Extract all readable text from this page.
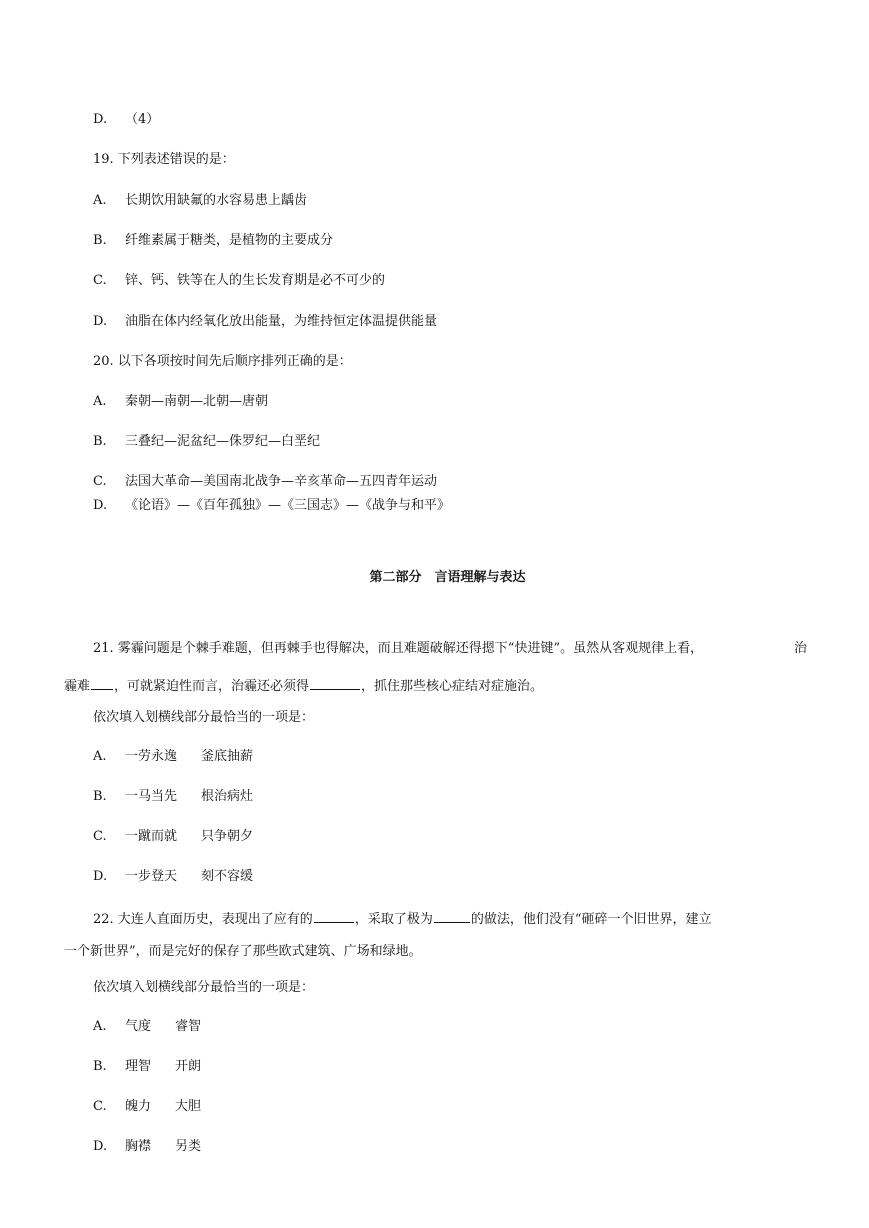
D. （4）
19. 下列表述错误的是：
A. 长期饮用缺氟的水容易患上龋齿
B. 纤维素属于糖类，是植物的主要成分
C. 锌、钙、铁等在人的生长发育期是必不可少的
D. 油脂在体内经氧化放出能量，为维持恒定体温提供能量
20. 以下各项按时间先后顺序排列正确的是：
A. 秦朝—南朝—北朝—唐朝
B. 三叠纪—泥盆纪—侏罗纪—白垩纪
C. 法国大革命—美国南北战争—辛亥革命—五四青年运动
D. 《论语》—《百年孤独》—《三国志》—《战争与和平》
第二部分　言语理解与表达
21. 雾霾问题是个棘手难题，但再棘手也得解决，而且难题破解还得摁下“快进键”。虽然从客观规律上看，	治
霾难 ，可就紧迫性而言，治霾还必须得	，抓住那些核心症结对症施治。
依次填入划横线部分最恰当的一项是：
A. 一劳永逸 釜底抽薪
B. 一马当先 根治病灶
C. 一蹴而就 只争朝夕
D. 一步登天 刻不容缓
22. 大连人直面历史，表现出了应有的	，采取了极为	的做法，他们没有“砸碎一个旧世界，建立
一个新世界”，而是完好的保存了那些欧式建筑、广场和绿地。
依次填入划横线部分最恰当的一项是：
A. 气度 睿智
B. 理智 开朗
C. 魄力 大胆
D. 胸襟 另类
